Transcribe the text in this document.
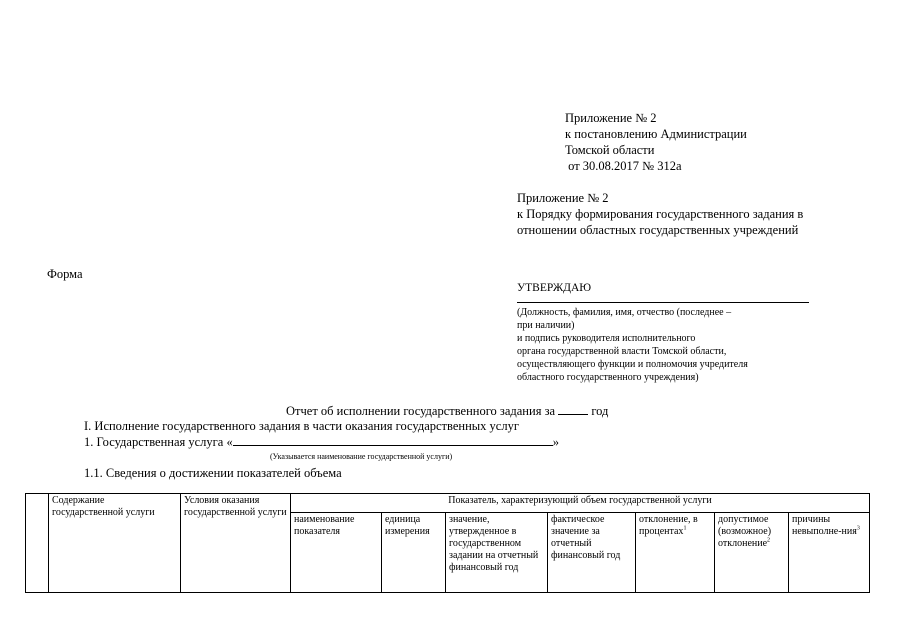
Приложение № 2
к постановлению Администрации
Томской области
от 30.08.2017 № 312а
Приложение № 2
к Порядку формирования государственного задания в
отношении областных государственных учреждений
Форма
УТВЕРЖДАЮ
(Должность, фамилия, имя, отчество (последнее –
при наличии)
и подпись руководителя исполнительного
органа государственной власти Томской области,
осуществляющего функции и полномочия учредителя
областного государственного учреждения)
Отчет об исполнении государственного задания за	год
I. Исполнение государственного задания в части оказания государственных услуг
1. Государственная услуга «	»
(Указывается наименование государственной услуги)
1.1. Сведения о достижении показателей объема
	Содержание государственной услуги	Условия оказания государственной услуги	Показатель, характеризующий объем государственной услуги						
			наименование показателя	единица измерения	значение, утвержденное в государственном задании на отчетный финансовый год	фактическое значение за отчетный финансовый год	отклонение, в процентах$^1$	допустимое (возможное) отклонение$^2$	причины невыполне-ния$^3$
